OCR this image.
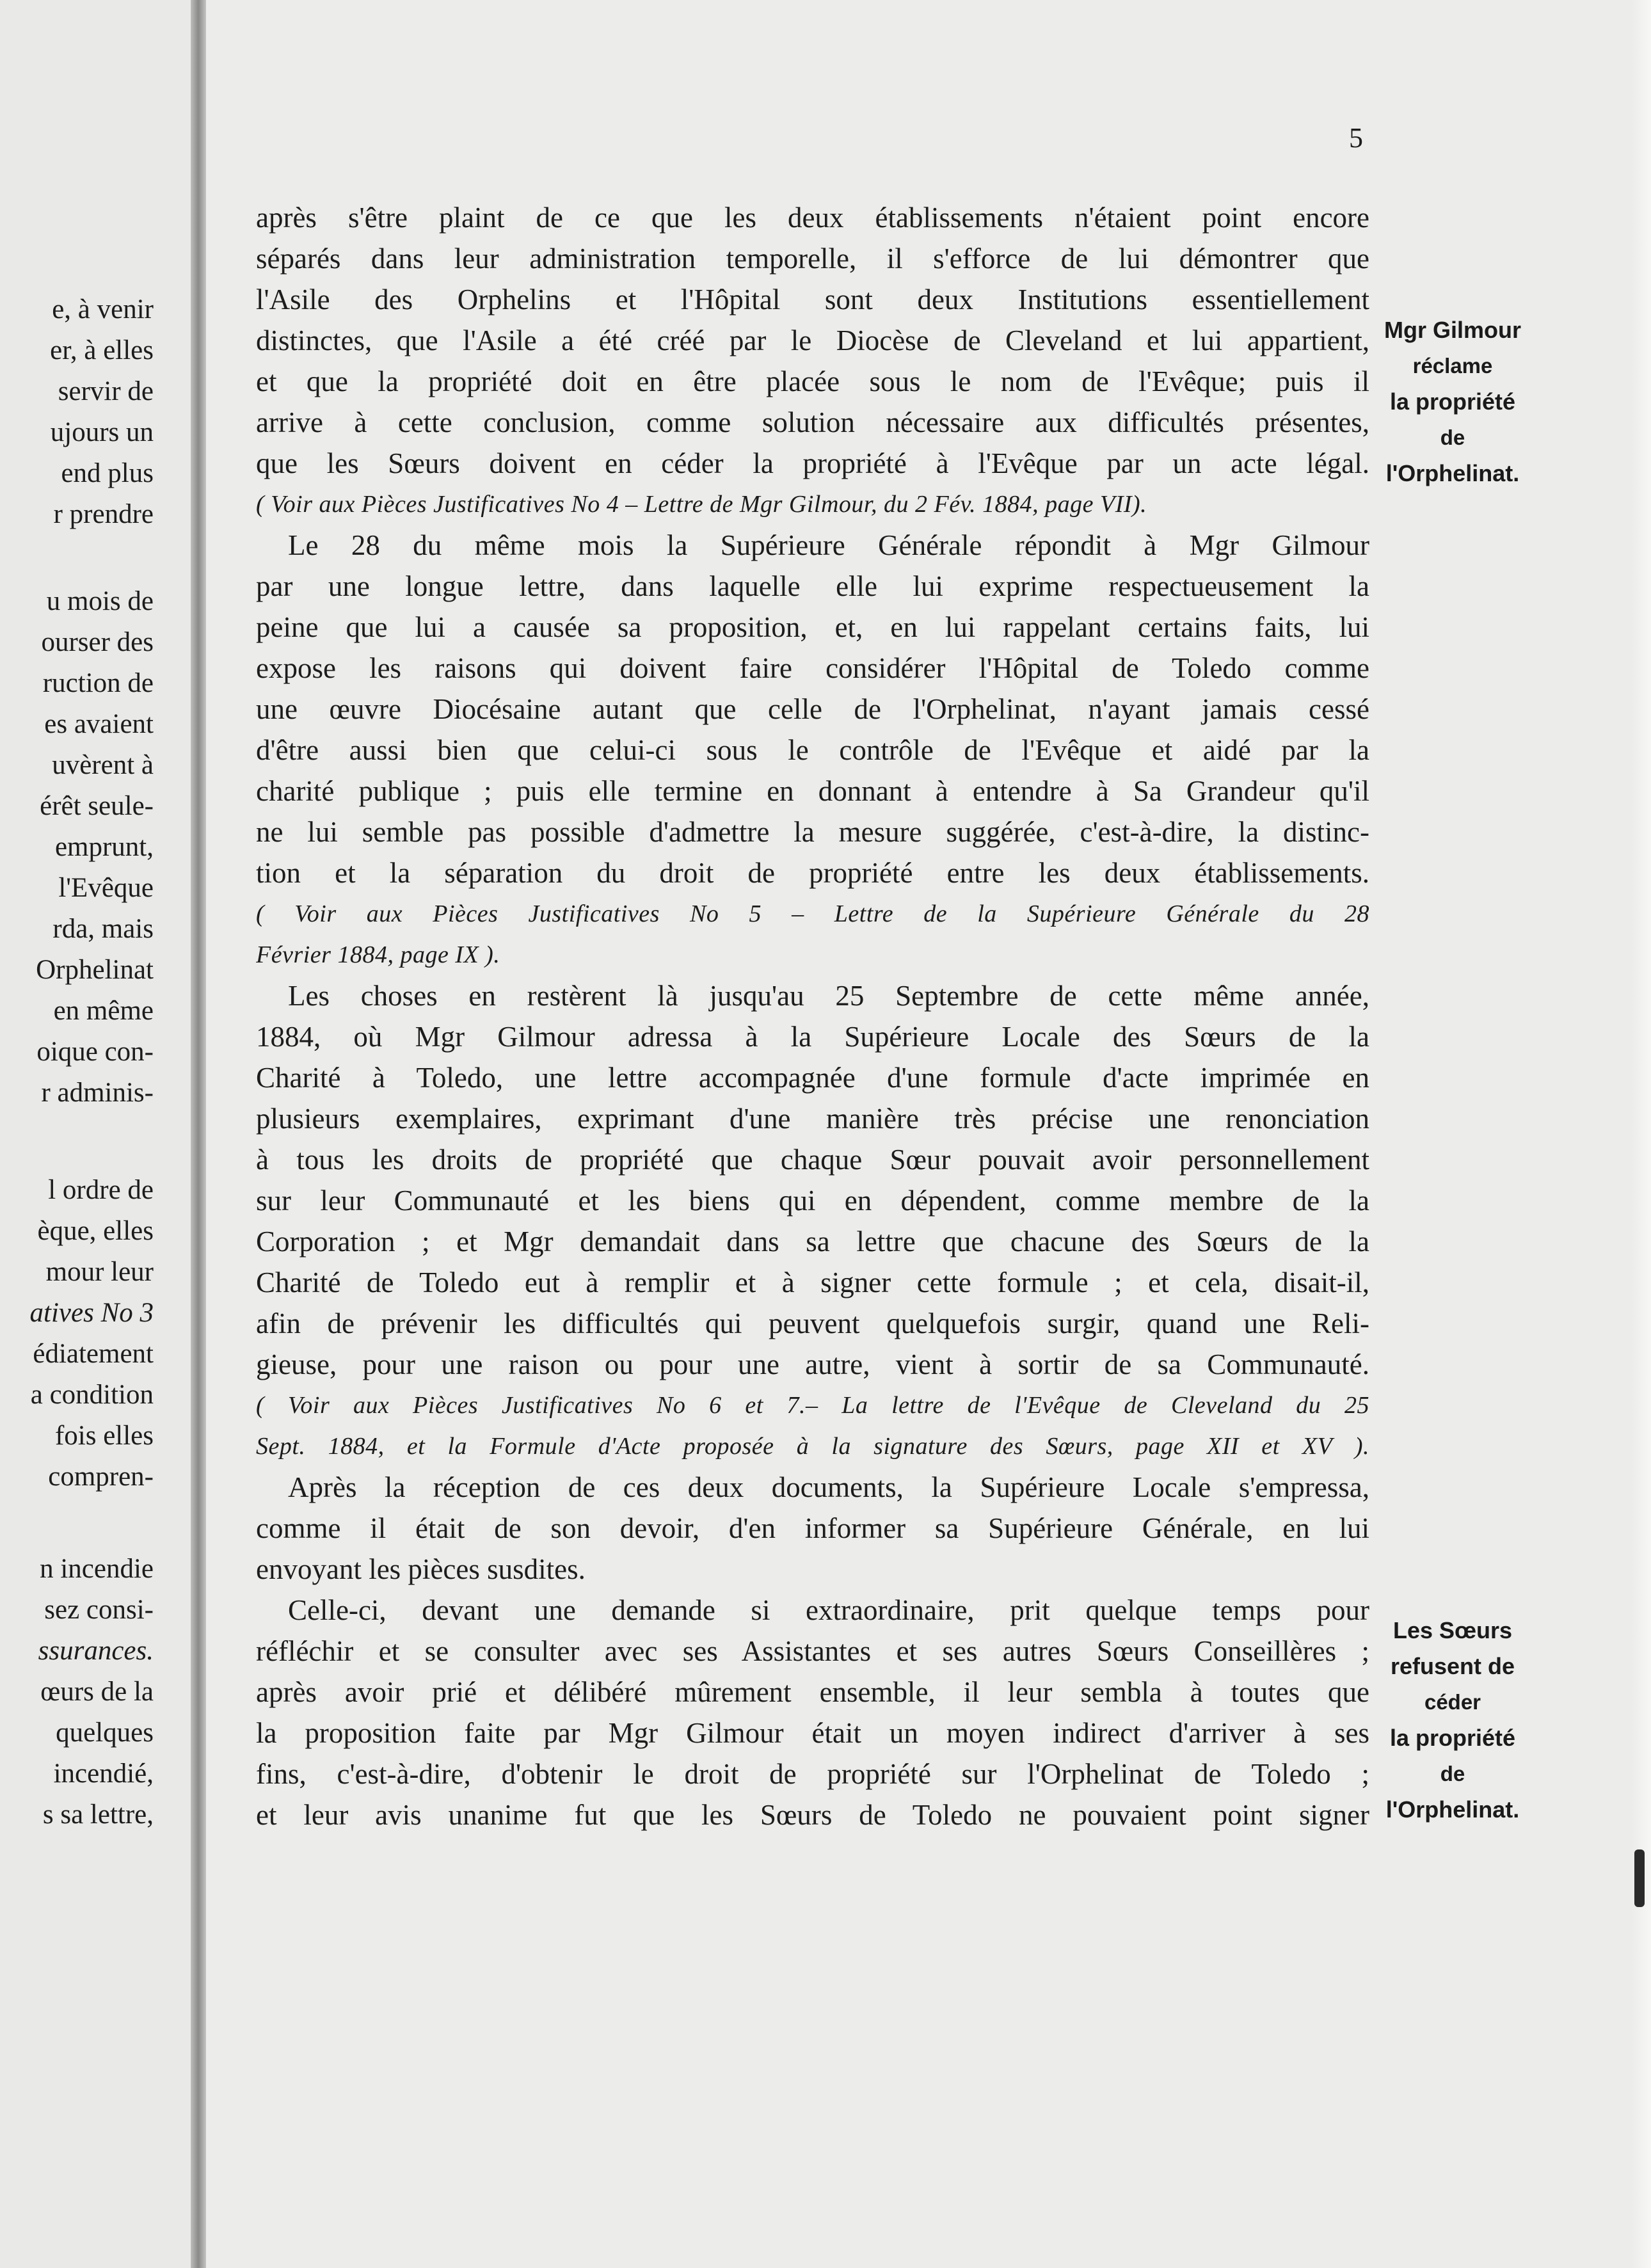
e, à venir
er, à elles
servir de
ujours un
end plus
r prendre
u mois de
ourser des
ruction de
es avaient
uvèrent à
érêt seule-
emprunt,
l'Evêque
rda, mais
Orphelinat
en même
oique con-
r adminis-
l ordre de
èque, elles
mour leur
atives No 3
édiatement
a condition
fois elles
compren-
n incendie
sez consi-
ssurances.
œurs de la
quelques
incendié,
s sa lettre,
5

après s'être plaint de ce que les deux établissements n'étaient point encore
séparés dans leur administration temporelle, il s'efforce de lui démontrer que
l'Asile des Orphelins et l'Hôpital sont deux Institutions essentiellement
distinctes, que l'Asile a été créé par le Diocèse de Cleveland et lui appartient,
et que la propriété doit en être placée sous le nom de l'Evêque; puis il
arrive à cette conclusion, comme solution nécessaire aux difficultés présentes,
que les Sœurs doivent en céder la propriété à l'Evêque par un acte légal.
( Voir aux Pièces Justificatives No 4 – Lettre de Mgr Gilmour, du 2 Fév. 1884, page VII).

Le 28 du même mois la Supérieure Générale répondit à Mgr Gilmour
par une longue lettre, dans laquelle elle lui exprime respectueusement la
peine que lui a causée sa proposition, et, en lui rappelant certains faits, lui
expose les raisons qui doivent faire considérer l'Hôpital de Toledo comme
une œuvre Diocésaine autant que celle de l'Orphelinat, n'ayant jamais cessé
d'être aussi bien que celui-ci sous le contrôle de l'Evêque et aidé par la
charité publique ; puis elle termine en donnant à entendre à Sa Grandeur qu'il
ne lui semble pas possible d'admettre la mesure suggérée, c'est-à-dire, la distinc-
tion et la séparation du droit de propriété entre les deux établissements.
( Voir aux Pièces Justificatives No 5 – Lettre de la Supérieure Générale du 28
Février 1884, page IX ).

Les choses en restèrent là jusqu'au 25 Septembre de cette même année,
1884, où Mgr Gilmour adressa à la Supérieure Locale des Sœurs de la
Charité à Toledo, une lettre accompagnée d'une formule d'acte imprimée en
plusieurs exemplaires, exprimant d'une manière très précise une renonciation
à tous les droits de propriété que chaque Sœur pouvait avoir personnellement
sur leur Communauté et les biens qui en dépendent, comme membre de la
Corporation ; et Mgr demandait dans sa lettre que chacune des Sœurs de la
Charité de Toledo eut à remplir et à signer cette formule ; et cela, disait-il,
afin de prévenir les difficultés qui peuvent quelquefois surgir, quand une Reli-
gieuse, pour une raison ou pour une autre, vient à sortir de sa Communauté.
( Voir aux Pièces Justificatives No 6 et 7.– La lettre de l'Evêque de Cleveland du 25
Sept. 1884, et la Formule d'Acte proposée à la signature des Sœurs, page XII et XV ).

Après la réception de ces deux documents, la Supérieure Locale s'empressa,
comme il était de son devoir, d'en informer sa Supérieure Générale, en lui
envoyant les pièces susdites.

Celle-ci, devant une demande si extraordinaire, prit quelque temps pour
réfléchir et se consulter avec ses Assistantes et ses autres Sœurs Conseillères ;
après avoir prié et délibéré mûrement ensemble, il leur sembla à toutes que
la proposition faite par Mgr Gilmour était un moyen indirect d'arriver à ses
fins, c'est-à-dire, d'obtenir le droit de propriété sur l'Orphelinat de Toledo ;
et leur avis unanime fut que les Sœurs de Toledo ne pouvaient point signer

Mgr Gilmour
réclame
la propriété
de
l'Orphelinat.
Les Sœurs
refusent de
céder
la propriété
de
l'Orphelinat.
